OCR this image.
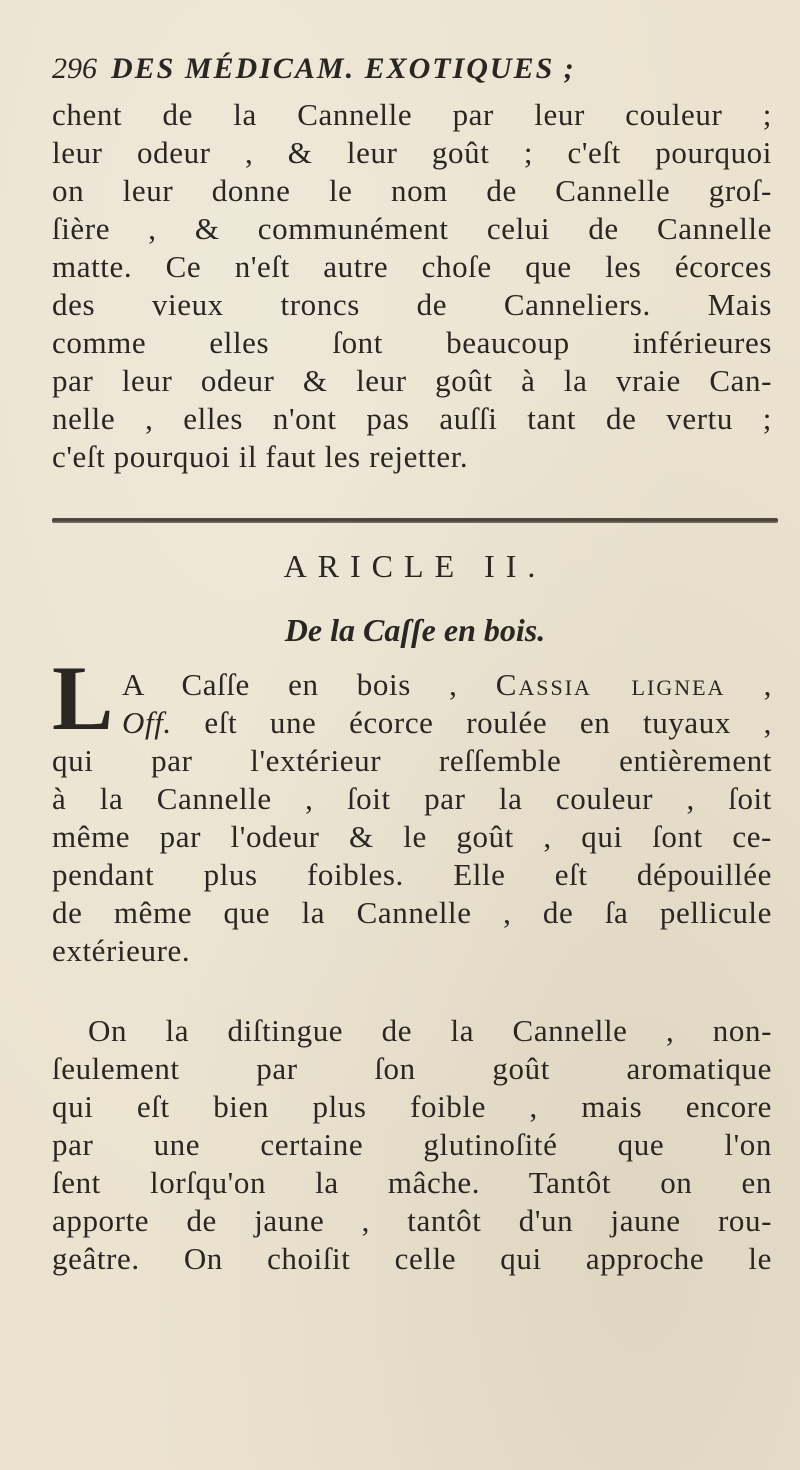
296 DES MÉDICAM. EXOTIQUES ;
chent de la Cannelle par leur couleur ;
leur odeur , & leur goût ; c'eſt pourquoi
on leur donne le nom de Cannelle groſ-
ſière , & communément celui de Cannelle
matte. Ce n'eſt autre choſe que les écorces
des vieux troncs de Canneliers. Mais
comme elles ſont beaucoup inférieures
par leur odeur & leur goût à la vraie Can-
nelle , elles n'ont pas auſſi tant de vertu ;
c'eſt pourquoi il faut les rejetter.
ARICLE II.
De la Caſſe en bois.
L A Caſſe en bois , Cassia lignea ,
Off. eſt une écorce roulée en tuyaux ,
qui par l'extérieur reſſemble entièrement
à la Cannelle , ſoit par la couleur , ſoit
même par l'odeur & le goût , qui ſont ce-
pendant plus foibles. Elle eſt dépouillée
de même que la Cannelle , de ſa pellicule
extérieure.
On la diſtingue de la Cannelle , non-
ſeulement par ſon goût aromatique
qui eſt bien plus foible , mais encore
par une certaine glutinoſité que l'on
ſent lorſqu'on la mâche. Tantôt on en
apporte de jaune , tantôt d'un jaune rou-
geâtre. On choiſit celle qui approche le
